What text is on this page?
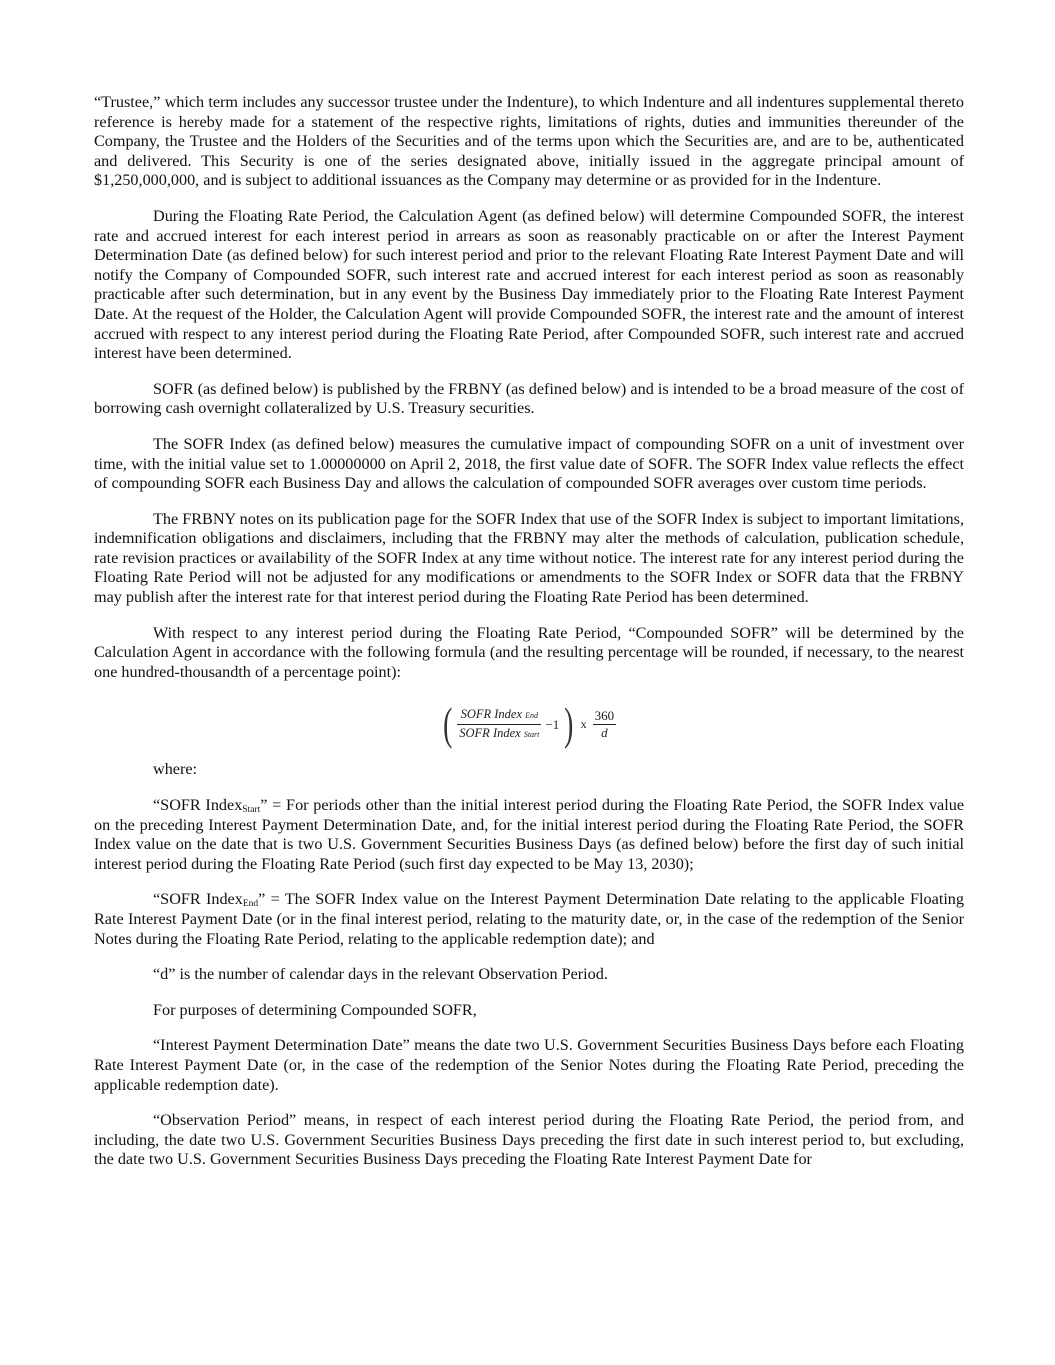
“Trustee,” which term includes any successor trustee under the Indenture), to which Indenture and all indentures supplemental thereto reference is hereby made for a statement of the respective rights, limitations of rights, duties and immunities thereunder of the Company, the Trustee and the Holders of the Securities and of the terms upon which the Securities are, and are to be, authenticated and delivered. This Security is one of the series designated above, initially issued in the aggregate principal amount of $1,250,000,000, and is subject to additional issuances as the Company may determine or as provided for in the Indenture.

During the Floating Rate Period, the Calculation Agent (as defined below) will determine Compounded SOFR, the interest rate and accrued interest for each interest period in arrears as soon as reasonably practicable on or after the Interest Payment Determination Date (as defined below) for such interest period and prior to the relevant Floating Rate Interest Payment Date and will notify the Company of Compounded SOFR, such interest rate and accrued interest for each interest period as soon as reasonably practicable after such determination, but in any event by the Business Day immediately prior to the Floating Rate Interest Payment Date. At the request of the Holder, the Calculation Agent will provide Compounded SOFR, the interest rate and the amount of interest accrued with respect to any interest period during the Floating Rate Period, after Compounded SOFR, such interest rate and accrued interest have been determined.

SOFR (as defined below) is published by the FRBNY (as defined below) and is intended to be a broad measure of the cost of borrowing cash overnight collateralized by U.S. Treasury securities.

The SOFR Index (as defined below) measures the cumulative impact of compounding SOFR on a unit of investment over time, with the initial value set to 1.00000000 on April 2, 2018, the first value date of SOFR. The SOFR Index value reflects the effect of compounding SOFR each Business Day and allows the calculation of compounded SOFR averages over custom time periods.

The FRBNY notes on its publication page for the SOFR Index that use of the SOFR Index is subject to important limitations, indemnification obligations and disclaimers, including that the FRBNY may alter the methods of calculation, publication schedule, rate revision practices or availability of the SOFR Index at any time without notice. The interest rate for any interest period during the Floating Rate Period will not be adjusted for any modifications or amendments to the SOFR Index or SOFR data that the FRBNY may publish after the interest rate for that interest period during the Floating Rate Period has been determined.

With respect to any interest period during the Floating Rate Period, “Compounded SOFR” will be determined by the Calculation Agent in accordance with the following formula (and the resulting percentage will be rounded, if necessary, to the nearest one hundred-thousandth of a percentage point):

( $\frac{\text{SOFR Index End}}{\text{SOFR Index Start}} -1$ ) x $\frac{360}{d}$

where:

“SOFR Index$_{Start}$” = For periods other than the initial interest period during the Floating Rate Period, the SOFR Index value on the preceding Interest Payment Determination Date, and, for the initial interest period during the Floating Rate Period, the SOFR Index value on the date that is two U.S. Government Securities Business Days (as defined below) before the first day of such initial interest period during the Floating Rate Period (such first day expected to be May 13, 2030);

“SOFR Index$_{End}$” = The SOFR Index value on the Interest Payment Determination Date relating to the applicable Floating Rate Interest Payment Date (or in the final interest period, relating to the maturity date, or, in the case of the redemption of the Senior Notes during the Floating Rate Period, relating to the applicable redemption date); and

“d” is the number of calendar days in the relevant Observation Period.

For purposes of determining Compounded SOFR,

“Interest Payment Determination Date” means the date two U.S. Government Securities Business Days before each Floating Rate Interest Payment Date (or, in the case of the redemption of the Senior Notes during the Floating Rate Period, preceding the applicable redemption date).

“Observation Period” means, in respect of each interest period during the Floating Rate Period, the period from, and including, the date two U.S. Government Securities Business Days preceding the first date in such interest period to, but excluding, the date two U.S. Government Securities Business Days preceding the Floating Rate Interest Payment Date for
